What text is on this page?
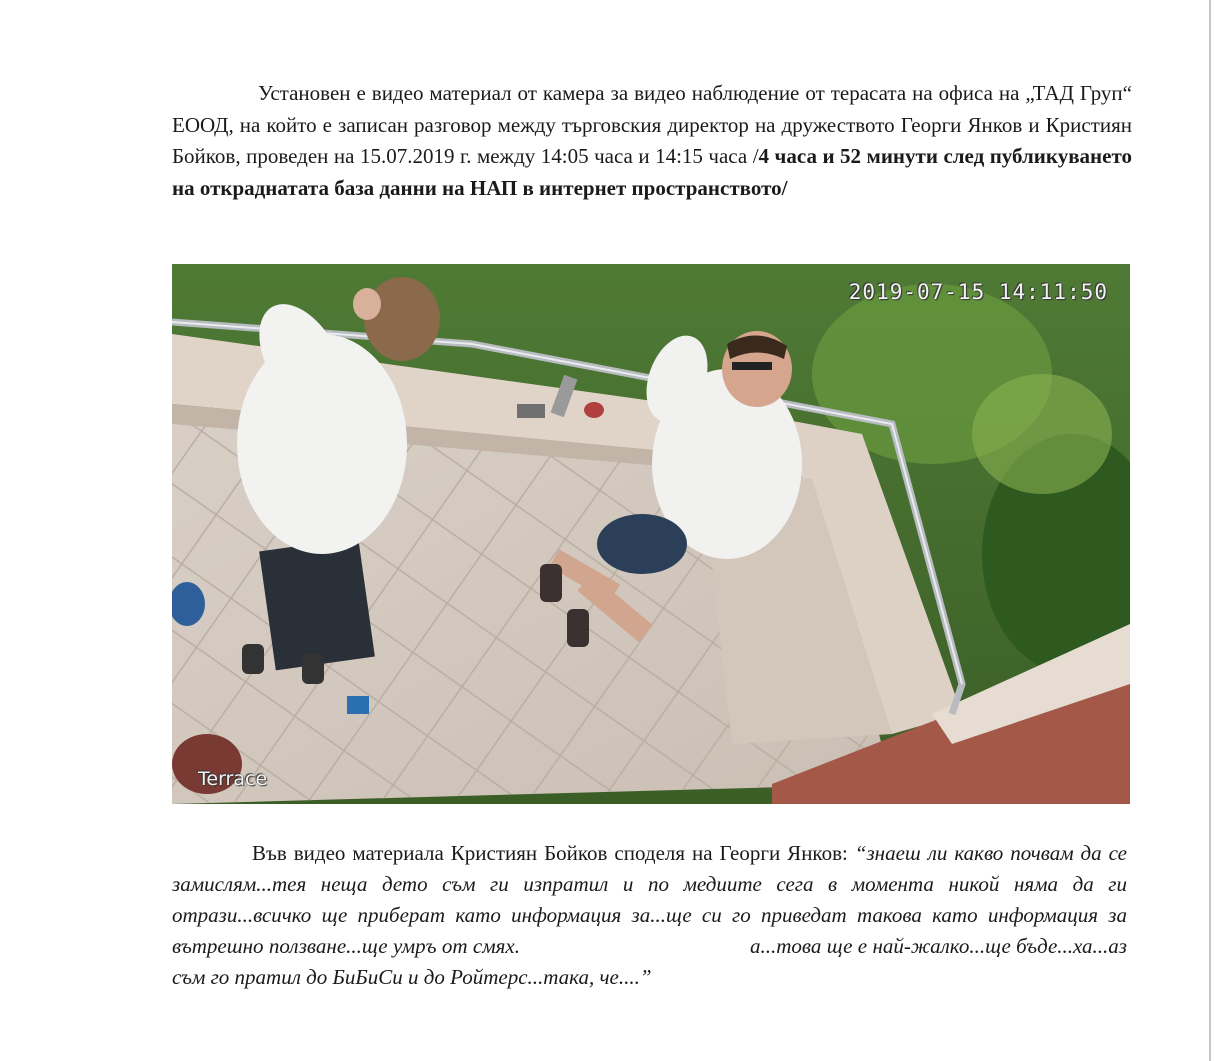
Установен е видео материал от камера за видео наблюдение от терасата на офиса на „ТАД Груп“ ЕООД, на който е записан разговор между търговския директор на дружеството Георги Янков и Кристиян Бойков, проведен на 15.07.2019 г. между 14:05 часа и 14:15 часа /4 часа и 52 минути след публикуването на откраднатата база данни на НАП в интернет пространството/

2019-07-15 14:11:50
Terrace

Във видео материала Кристиян Бойков споделя на Георги Янков: “знаеш ли какво почвам да се замислям...тея неща дето съм ги изпратил и по медиите сега в момента никой няма да ги отрази...всичко ще приберат като информация за...ще си го приведат такова като информация за вътрешно ползване...ще умръ от смях.	а...това ще е най-жалко...ще бъде...ха...аз съм го пратил до БиБиСи и до Ройтерс...така, че....”
